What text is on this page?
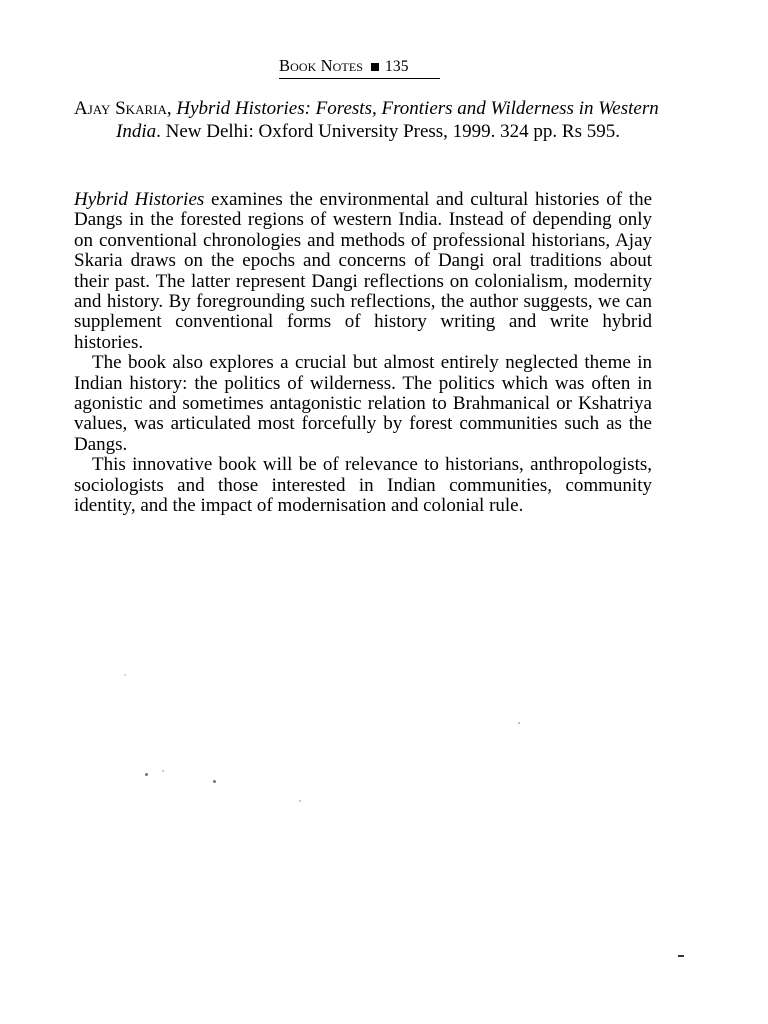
Book Notes 135
Ajay Skaria, Hybrid Histories: Forests, Frontiers and Wilderness in Western India. New Delhi: Oxford University Press, 1999. 324 pp. Rs 595.

Hybrid Histories examines the environmental and cultural histories of the Dangs in the forested regions of western India. Instead of depending only on conventional chronologies and methods of professional historians, Ajay Skaria draws on the epochs and concerns of Dangi oral traditions about their past. The latter represent Dangi reflections on colonialism, modernity and history. By foregrounding such reflections, the author suggests, we can supplement conventional forms of history writing and write hybrid histories.

The book also explores a crucial but almost entirely neglected theme in Indian history: the politics of wilderness. The politics which was often in agonistic and sometimes antagonistic relation to Brahmanical or Kshatriya values, was articulated most forcefully by forest communities such as the Dangs.

This innovative book will be of relevance to historians, anthropologists, sociologists and those interested in Indian communities, community identity, and the impact of modernisation and colonial rule.
